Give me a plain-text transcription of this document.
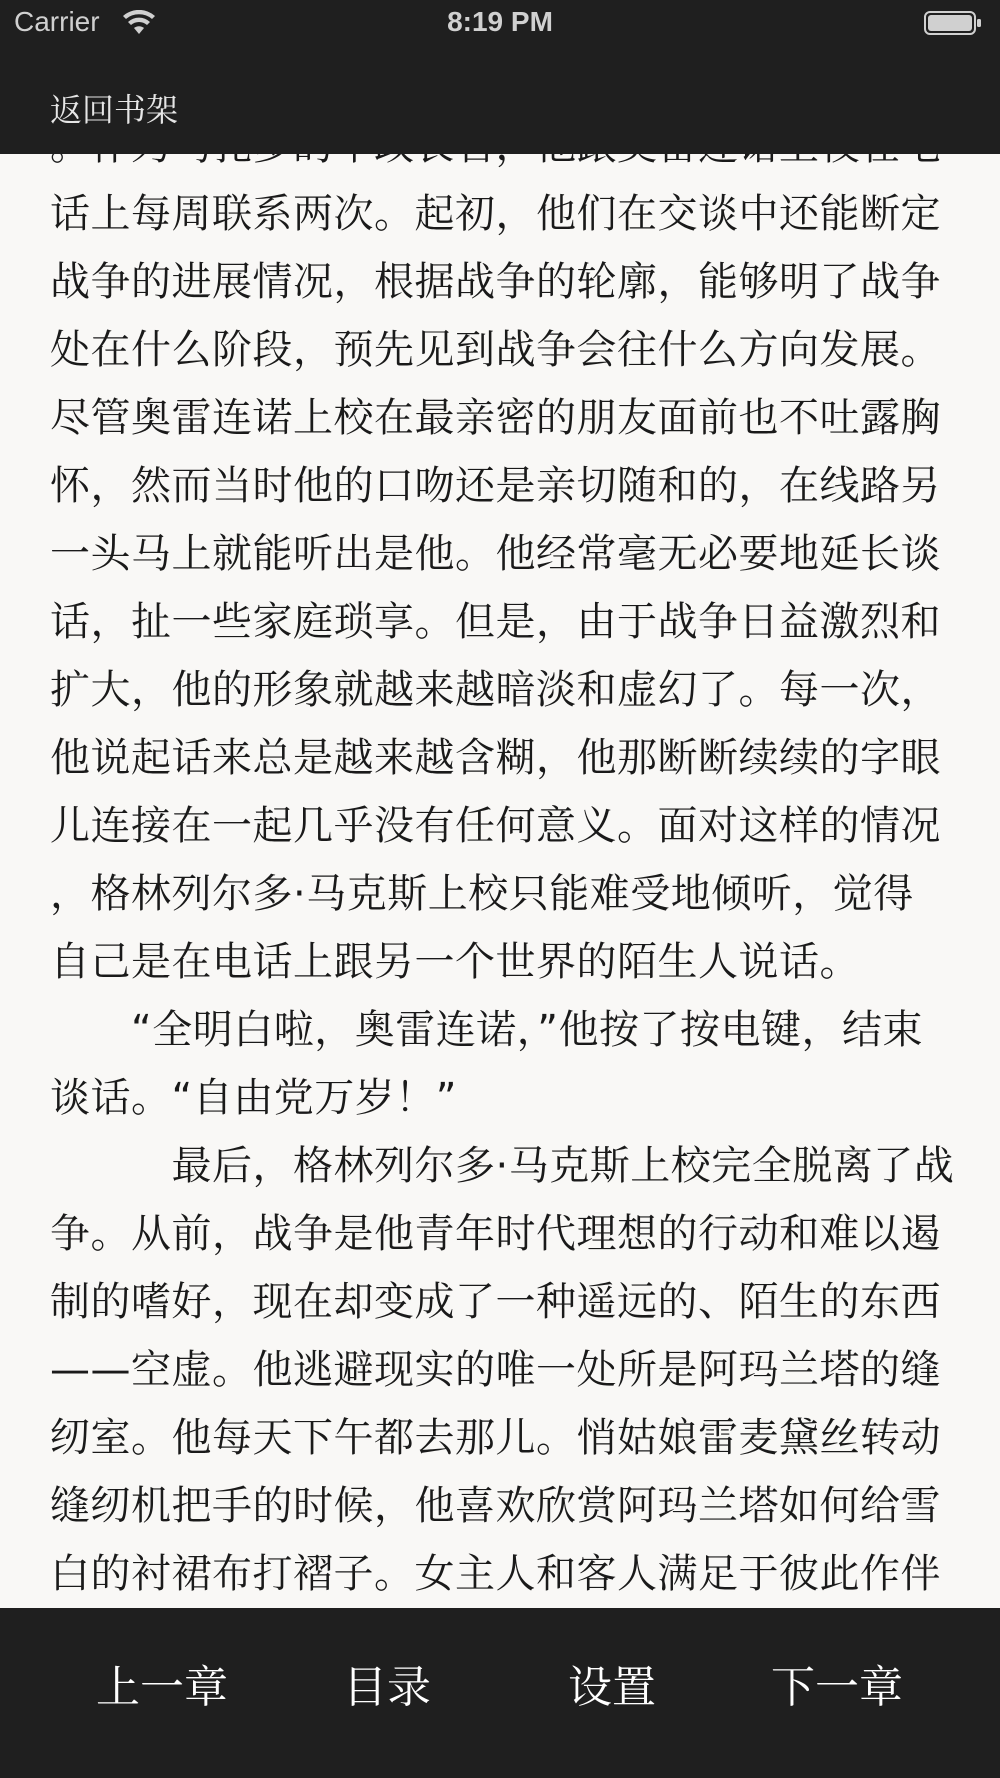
话上每周联系两次。起初，他们在交谈中还能断定
战争的进展情况，根据战争的轮廓，能够明了战争
处在什么阶段，预先见到战争会往什么方向发展。
尽管奥雷连诺上校在最亲密的朋友面前也不吐露胸
怀，然而当时他的口吻还是亲切随和的，在线路另
一头马上就能听出是他。他经常毫无必要地延长谈
话，扯一些家庭琐享。但是，由于战争日益激烈和
扩大，他的形象就越来越暗淡和虚幻了。每一次，
他说起话来总是越来越含糊，他那断断续续的字眼
儿连接在一起几乎没有任何意义。面对这样的情况
，格林列尔多·马克斯上校只能难受地倾听，觉得
自己是在电话上跟另一个世界的陌生人说话。
　　“全明白啦，奥雷连诺，”他按了按电键，结束
谈话。“自由党万岁！”
　　　最后，格林列尔多·马克斯上校完全脱离了战
争。从前，战争是他青年时代理想的行动和难以遏
制的嗜好，现在却变成了一种遥远的、陌生的东西
——空虚。他逃避现实的唯一处所是阿玛兰塔的缝
纫室。他每天下午都去那儿。悄姑娘雷麦黛丝转动
缝纫机把手的时候，他喜欢欣赏阿玛兰塔如何给雪
白的衬裙布打褶子。女主人和客人满足于彼此作伴
Carrier	8:19 PM
返回书架
上一章	目录	设置	下一章
